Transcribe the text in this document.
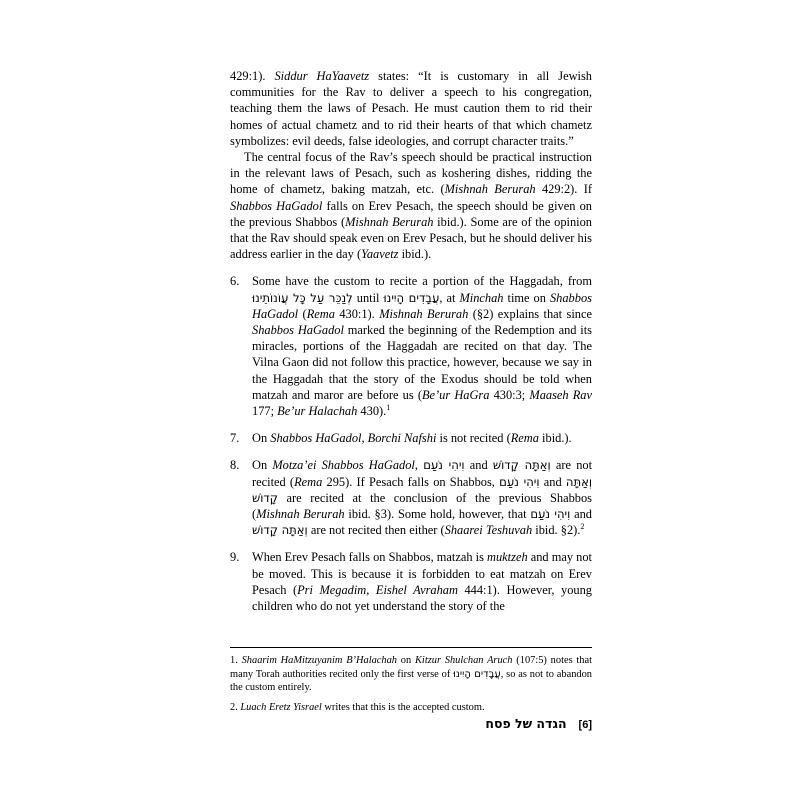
429:1). Siddur HaYaavetz states: “It is customary in all Jewish communities for the Rav to deliver a speech to his congregation, teaching them the laws of Pesach. He must caution them to rid their homes of actual chametz and to rid their hearts of that which chametz symbolizes: evil deeds, false ideologies, and corrupt character traits.”
The central focus of the Rav’s speech should be practical instruction in the relevant laws of Pesach, such as koshering dishes, ridding the home of chametz, baking matzah, etc. (Mishnah Berurah 429:2). If Shabbos HaGadol falls on Erev Pesach, the speech should be given on the previous Shabbos (Mishnah Berurah ibid.). Some are of the opinion that the Rav should speak even on Erev Pesach, but he should deliver his address earlier in the day (Yaavetz ibid.).
6.	Some have the custom to recite a portion of the Haggadah, from לְנַכֵּר עַל כָּל עֲוֹנוֹתֵינוּ until עֲבָדִים הָיִינוּ, at Minchah time on Shabbos HaGadol (Rema 430:1). Mishnah Berurah (§2) explains that since Shabbos HaGadol marked the beginning of the Redemption and its miracles, portions of the Haggadah are recited on that day. The Vilna Gaon did not follow this practice, however, because we say in the Haggadah that the story of the Exodus should be told when matzah and maror are before us (Be’ur HaGra 430:3; Maaseh Rav 177; Be’ur Halachah 430).$^1$
7.	On Shabbos HaGadol, Borchi Nafshi is not recited (Rema ibid.).
8.	On Motza’ei Shabbos HaGadol, וִיהִי נֹעַם and וְאַתָּה קָדוֹשׁ are not recited (Rema 295). If Pesach falls on Shabbos, וִיהִי נֹעַם and וְאַתָּה קָדוֹשׁ are recited at the conclusion of the previous Shabbos (Mishnah Berurah ibid. §3). Some hold, however, that וִיהִי נֹעַם and וְאַתָּה קָדוֹשׁ are not recited then either (Shaarei Teshuvah ibid. §2).$^2$
9.	When Erev Pesach falls on Shabbos, matzah is muktzeh and may not be moved. This is because it is forbidden to eat matzah on Erev Pesach (Pri Megadim, Eishel Avraham 444:1). However, young children who do not yet understand the story of the
1. Shaarim HaMitzuyanim B’Halachah on Kitzur Shulchan Aruch (107:5) notes that many Torah authorities recited only the first verse of עֲבָדִים הָיִינוּ, so as not to abandon the custom entirely.
2. Luach Eretz Yisrael writes that this is the accepted custom.
הגדה של פסח [6]
